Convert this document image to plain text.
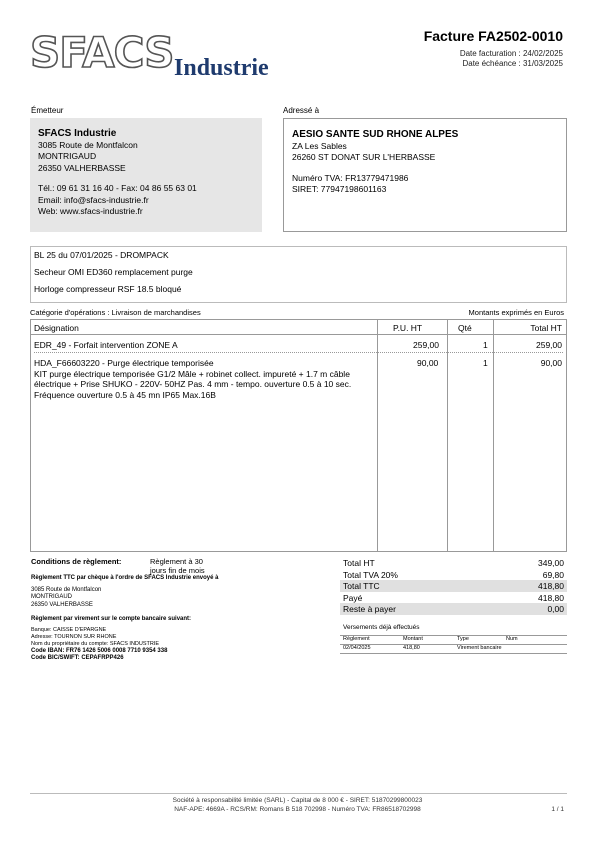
SFACS Industrie
Facture FA2502-0010
Date facturation : 24/02/2025
Date échéance : 31/03/2025
Émetteur	Adressé à
SFACS Industrie
3085 Route de Montfalcon
MONTRIGAUD
26350 VALHERBASSE
Tél.: 09 61 31 16 40 - Fax: 04 86 55 63 01
Email: info@sfacs-industrie.fr
Web: www.sfacs-industrie.fr
AESIO SANTE SUD RHONE ALPES
ZA Les Sables
26260 ST DONAT SUR L'HERBASSE
Numéro TVA: FR13779471986
SIRET: 77947198601163
BL 25 du 07/01/2025 - DROMPACK
Secheur OMI ED360 remplacement purge
Horloge compresseur RSF 18.5 bloqué
Catégorie d'opérations : Livraison de marchandises	Montants exprimés en Euros
Désignation	P.U. HT	Qté	Total HT
EDR_49 - Forfait intervention ZONE A	259,00	1	259,00
HDA_F66603220 - Purge électrique temporisée
KIT purge électrique temporisée G1/2 Mâle + robinet collect. impureté + 1.7 m câble
électrique + Prise SHUKO - 220V- 50HZ Pas. 4 mm - tempo. ouverture 0.5 à 10 sec.
Fréquence ouverture 0.5 à 45 mn IP65 Max.16B
90,00	1	90,00
Conditions de règlement:	Règlement à 30 jours fin de mois
Règlement TTC par chèque à l'ordre de SFACS Industrie envoyé à
3085 Route de Montfalcon
MONTRIGAUD
26350 VALHERBASSE
Règlement par virement sur le compte bancaire suivant:
Banque: CAISSE D'EPARGNE
Adresse: TOURNON SUR RHONE
Nom du propriétaire du compte: SFACS INDUSTRIE
Code IBAN: FR76 1426 5006 0008 7710 9354 338
Code BIC/SWIFT: CEPAFRPP426
Total HT	349,00
Total TVA 20%	69,80
Total TTC	418,80
Payé	418,80
Reste à payer	0,00
Versements déjà effectués
Règlement	Montant	Type	Num
02/04/2025	418,80	Virement bancaire
Société à responsabilité limitée (SARL) - Capital de 8 000 € - SIRET: 51870299800023
NAF-APE: 4669A - RCS/RM: Romans B 518 702998 - Numéro TVA: FR86518702998	1 / 1
